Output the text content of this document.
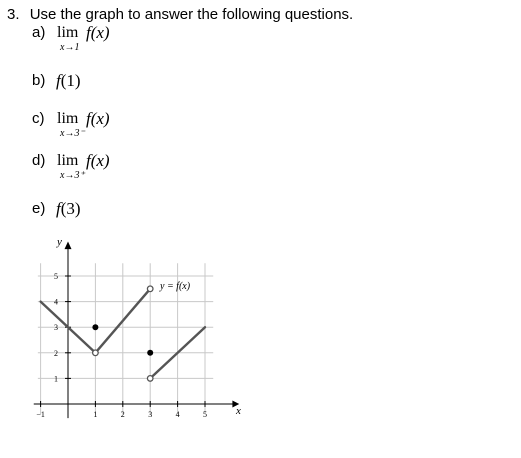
3. Use the graph to answer the following questions.
a) lim
x→1
f(x)
b) f(1)
c) lim
x→3⁻
f(x)
d) lim
x→3⁺
f(x)
e) f(3)
−1	1	2	3	4	5
1
2
3
4
5
y = f(x)
x
y
